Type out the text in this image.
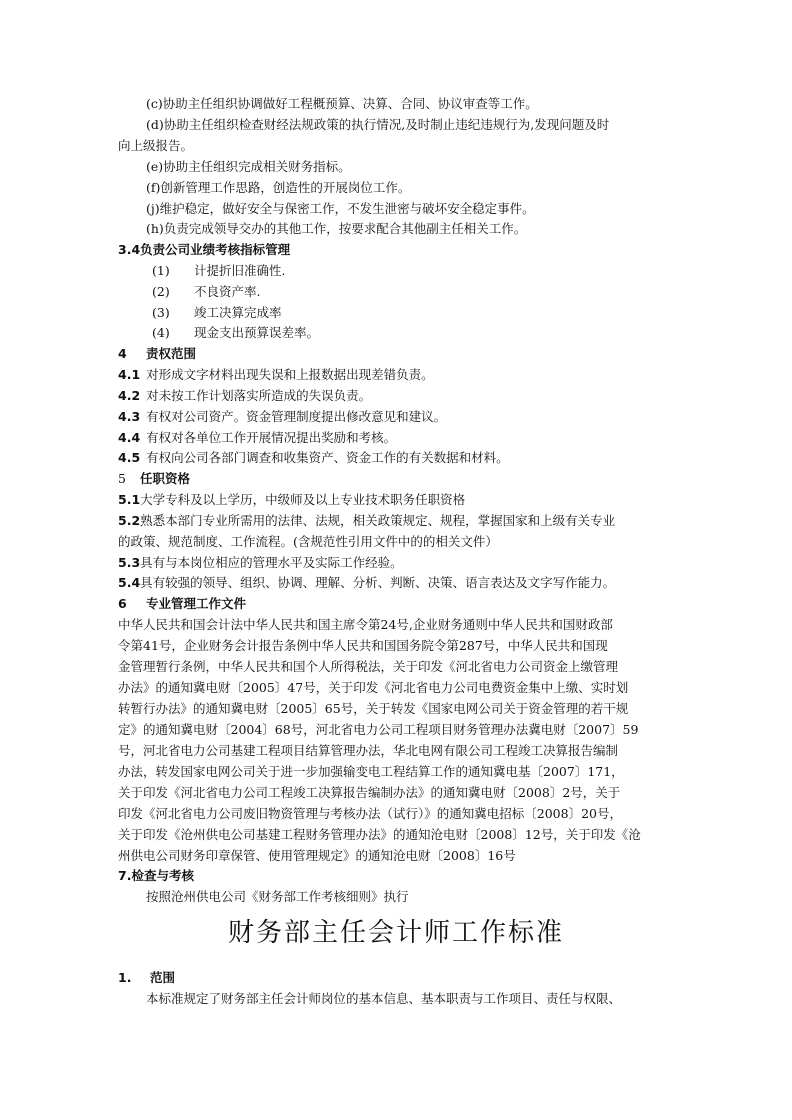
(c)协助主任组织协调做好工程概预算、决算、合同、协议审查等工作。
(d)协助主任组织检查财经法规政策的执行情况,及时制止违纪违规行为,发现问题及时
向上级报告。
(e)协助主任组织完成相关财务指标。
(f)创新管理工作思路，创造性的开展岗位工作。
(j)维护稳定，做好安全与保密工作，不发生泄密与破坏安全稳定事件。
(h)负责完成领导交办的其他工作，按要求配合其他副主任相关工作。
3.4负责公司业绩考核指标管理
(1) 计提折旧准确性.
(2) 不良资产率.
(3) 竣工决算完成率
(4) 现金支出预算误差率。
4 责权范围
4.1 对形成文字材料出现失误和上报数据出现差错负责。
4.2 对未按工作计划落实所造成的失误负责。
4.3 有权对公司资产。资金管理制度提出修改意见和建议。
4.4 有权对各单位工作开展情况提出奖励和考核。
4.5 有权向公司各部门调查和收集资产、资金工作的有关数据和材料。
5 任职资格
5.1大学专科及以上学历，中级师及以上专业技术职务任职资格
5.2熟悉本部门专业所需用的法律、法规，相关政策规定、规程，掌握国家和上级有关专业
的政策、规范制度、工作流程。(含规范性引用文件中的的相关文件）
5.3具有与本岗位相应的管理水平及实际工作经验。
5.4具有较强的领导、组织、协调、理解、分析、判断、决策、语言表达及文字写作能力。
6 专业管理工作文件
中华人民共和国会计法中华人民共和国主席令第24号,企业财务通则中华人民共和国财政部
令第41号，企业财务会计报告条例中华人民共和国国务院令第287号，中华人民共和国现
金管理暂行条例，中华人民共和国个人所得税法，关于印发《河北省电力公司资金上缴管理
办法》的通知冀电财〔2005〕47号，关于印发《河北省电力公司电费资金集中上缴、实时划
转暂行办法》的通知冀电财〔2005〕65号，关于转发《国家电网公司关于资金管理的若干规
定》的通知冀电财〔2004〕68号，河北省电力公司工程项目财务管理办法冀电财〔2007〕59
号，河北省电力公司基建工程项目结算管理办法，华北电网有限公司工程竣工决算报告编制
办法，转发国家电网公司关于进一步加强输变电工程结算工作的通知冀电基〔2007〕171，
关于印发《河北省电力公司工程竣工决算报告编制办法》的通知冀电财〔2008〕2号，关于
印发《河北省电力公司废旧物资管理与考核办法（试行）》的通知冀电招标〔2008〕20号，
关于印发《沧州供电公司基建工程财务管理办法》的通知沧电财〔2008〕12号，关于印发《沧
州供电公司财务印章保管、使用管理规定》的通知沧电财〔2008〕16号
7.检查与考核
按照沧州供电公司《财务部工作考核细则》执行
财务部主任会计师工作标准
1. 范围
本标准规定了财务部主任会计师岗位的基本信息、基本职责与工作项目、责任与权限、
